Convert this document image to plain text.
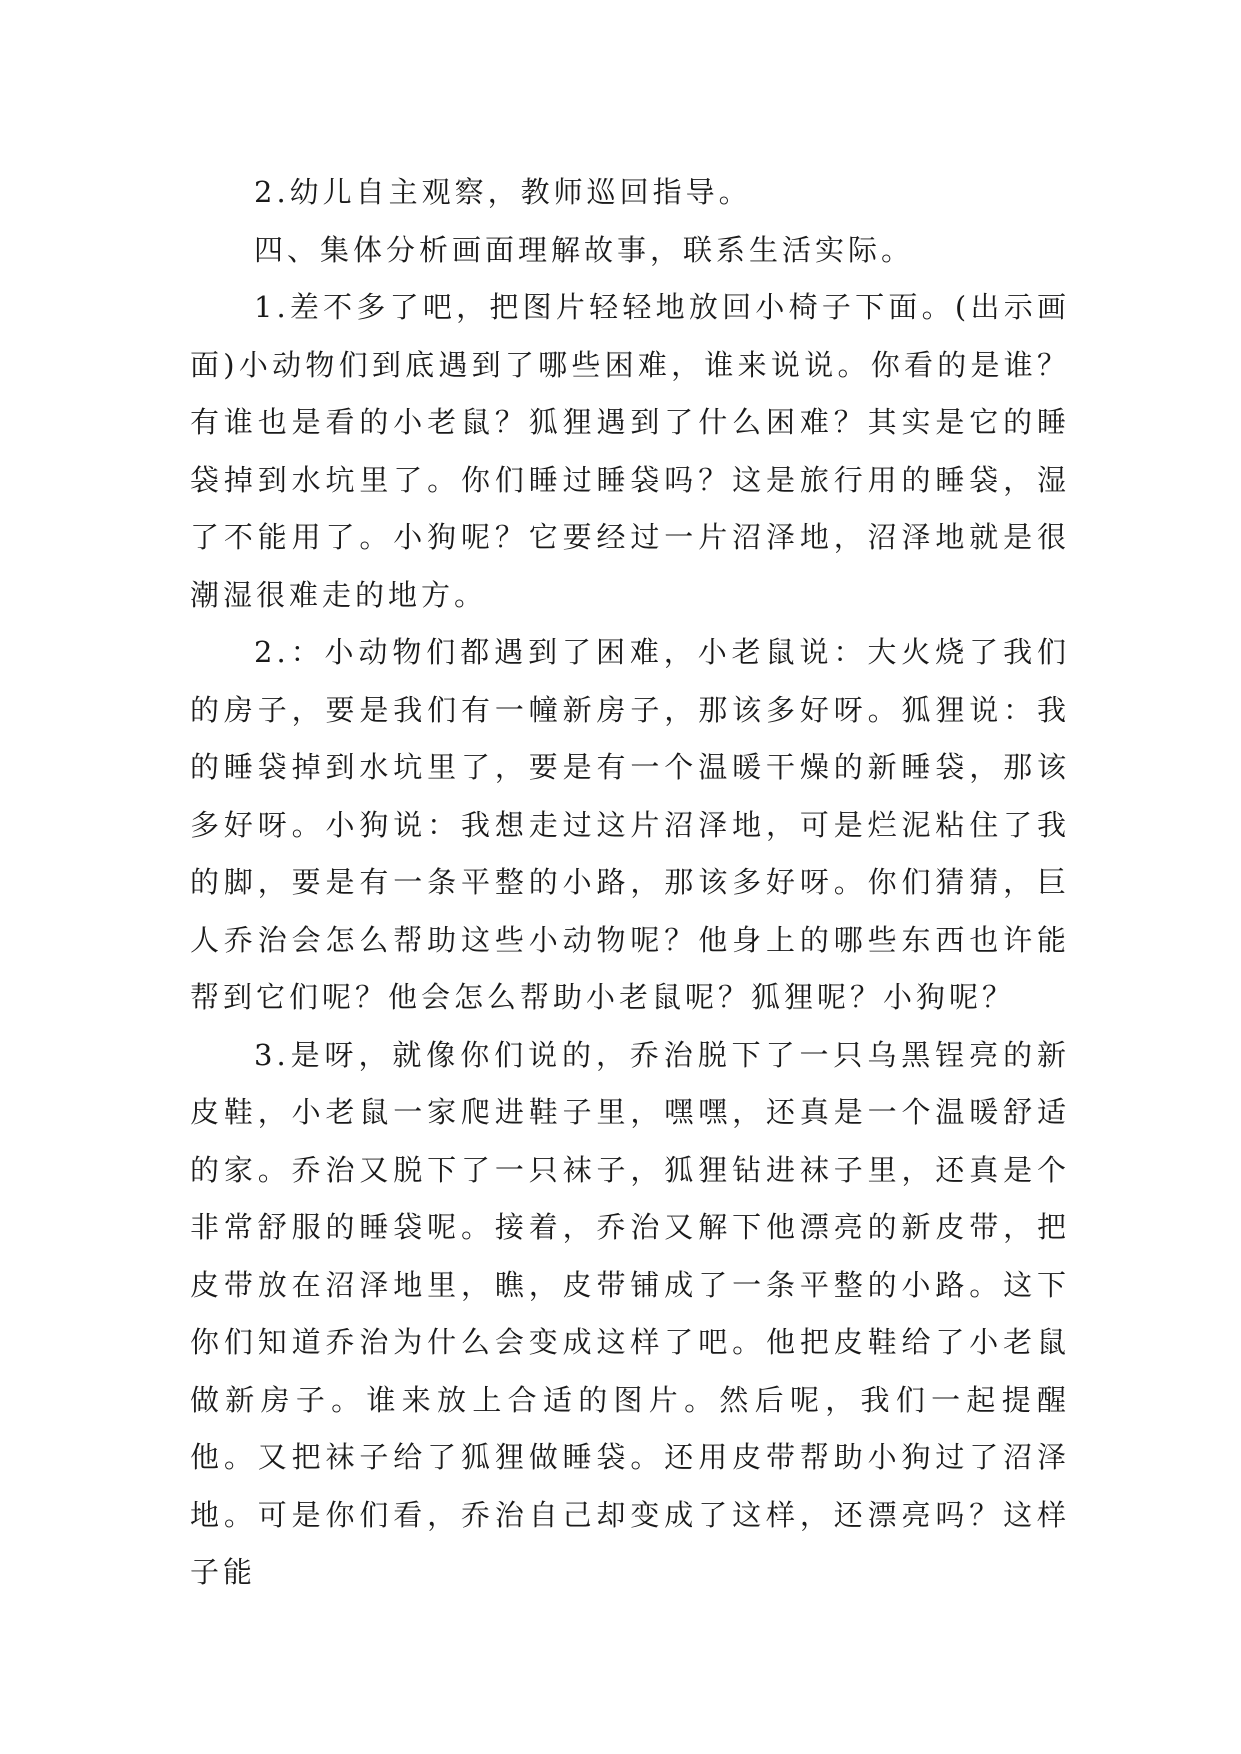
2.幼儿自主观察，教师巡回指导。

四、集体分析画面理解故事，联系生活实际。

1.差不多了吧，把图片轻轻地放回小椅子下面。(出示画面)小动物们到底遇到了哪些困难，谁来说说。你看的是谁？有谁也是看的小老鼠？狐狸遇到了什么困难？其实是它的睡袋掉到水坑里了。你们睡过睡袋吗？这是旅行用的睡袋，湿了不能用了。小狗呢？它要经过一片沼泽地，沼泽地就是很潮湿很难走的地方。

2.：小动物们都遇到了困难，小老鼠说：大火烧了我们的房子，要是我们有一幢新房子，那该多好呀。狐狸说：我的睡袋掉到水坑里了，要是有一个温暖干燥的新睡袋，那该多好呀。小狗说：我想走过这片沼泽地，可是烂泥粘住了我的脚，要是有一条平整的小路，那该多好呀。你们猜猜，巨人乔治会怎么帮助这些小动物呢？他身上的哪些东西也许能帮到它们呢？他会怎么帮助小老鼠呢？狐狸呢？小狗呢？

3.是呀，就像你们说的，乔治脱下了一只乌黑锃亮的新皮鞋，小老鼠一家爬进鞋子里，嘿嘿，还真是一个温暖舒适的家。乔治又脱下了一只袜子，狐狸钻进袜子里，还真是个非常舒服的睡袋呢。接着，乔治又解下他漂亮的新皮带，把皮带放在沼泽地里，瞧，皮带铺成了一条平整的小路。这下你们知道乔治为什么会变成这样了吧。他把皮鞋给了小老鼠做新房子。谁来放上合适的图片。然后呢，我们一起提醒他。又把袜子给了狐狸做睡袋。还用皮带帮助小狗过了沼泽地。可是你们看，乔治自己却变成了这样，还漂亮吗？这样子能
